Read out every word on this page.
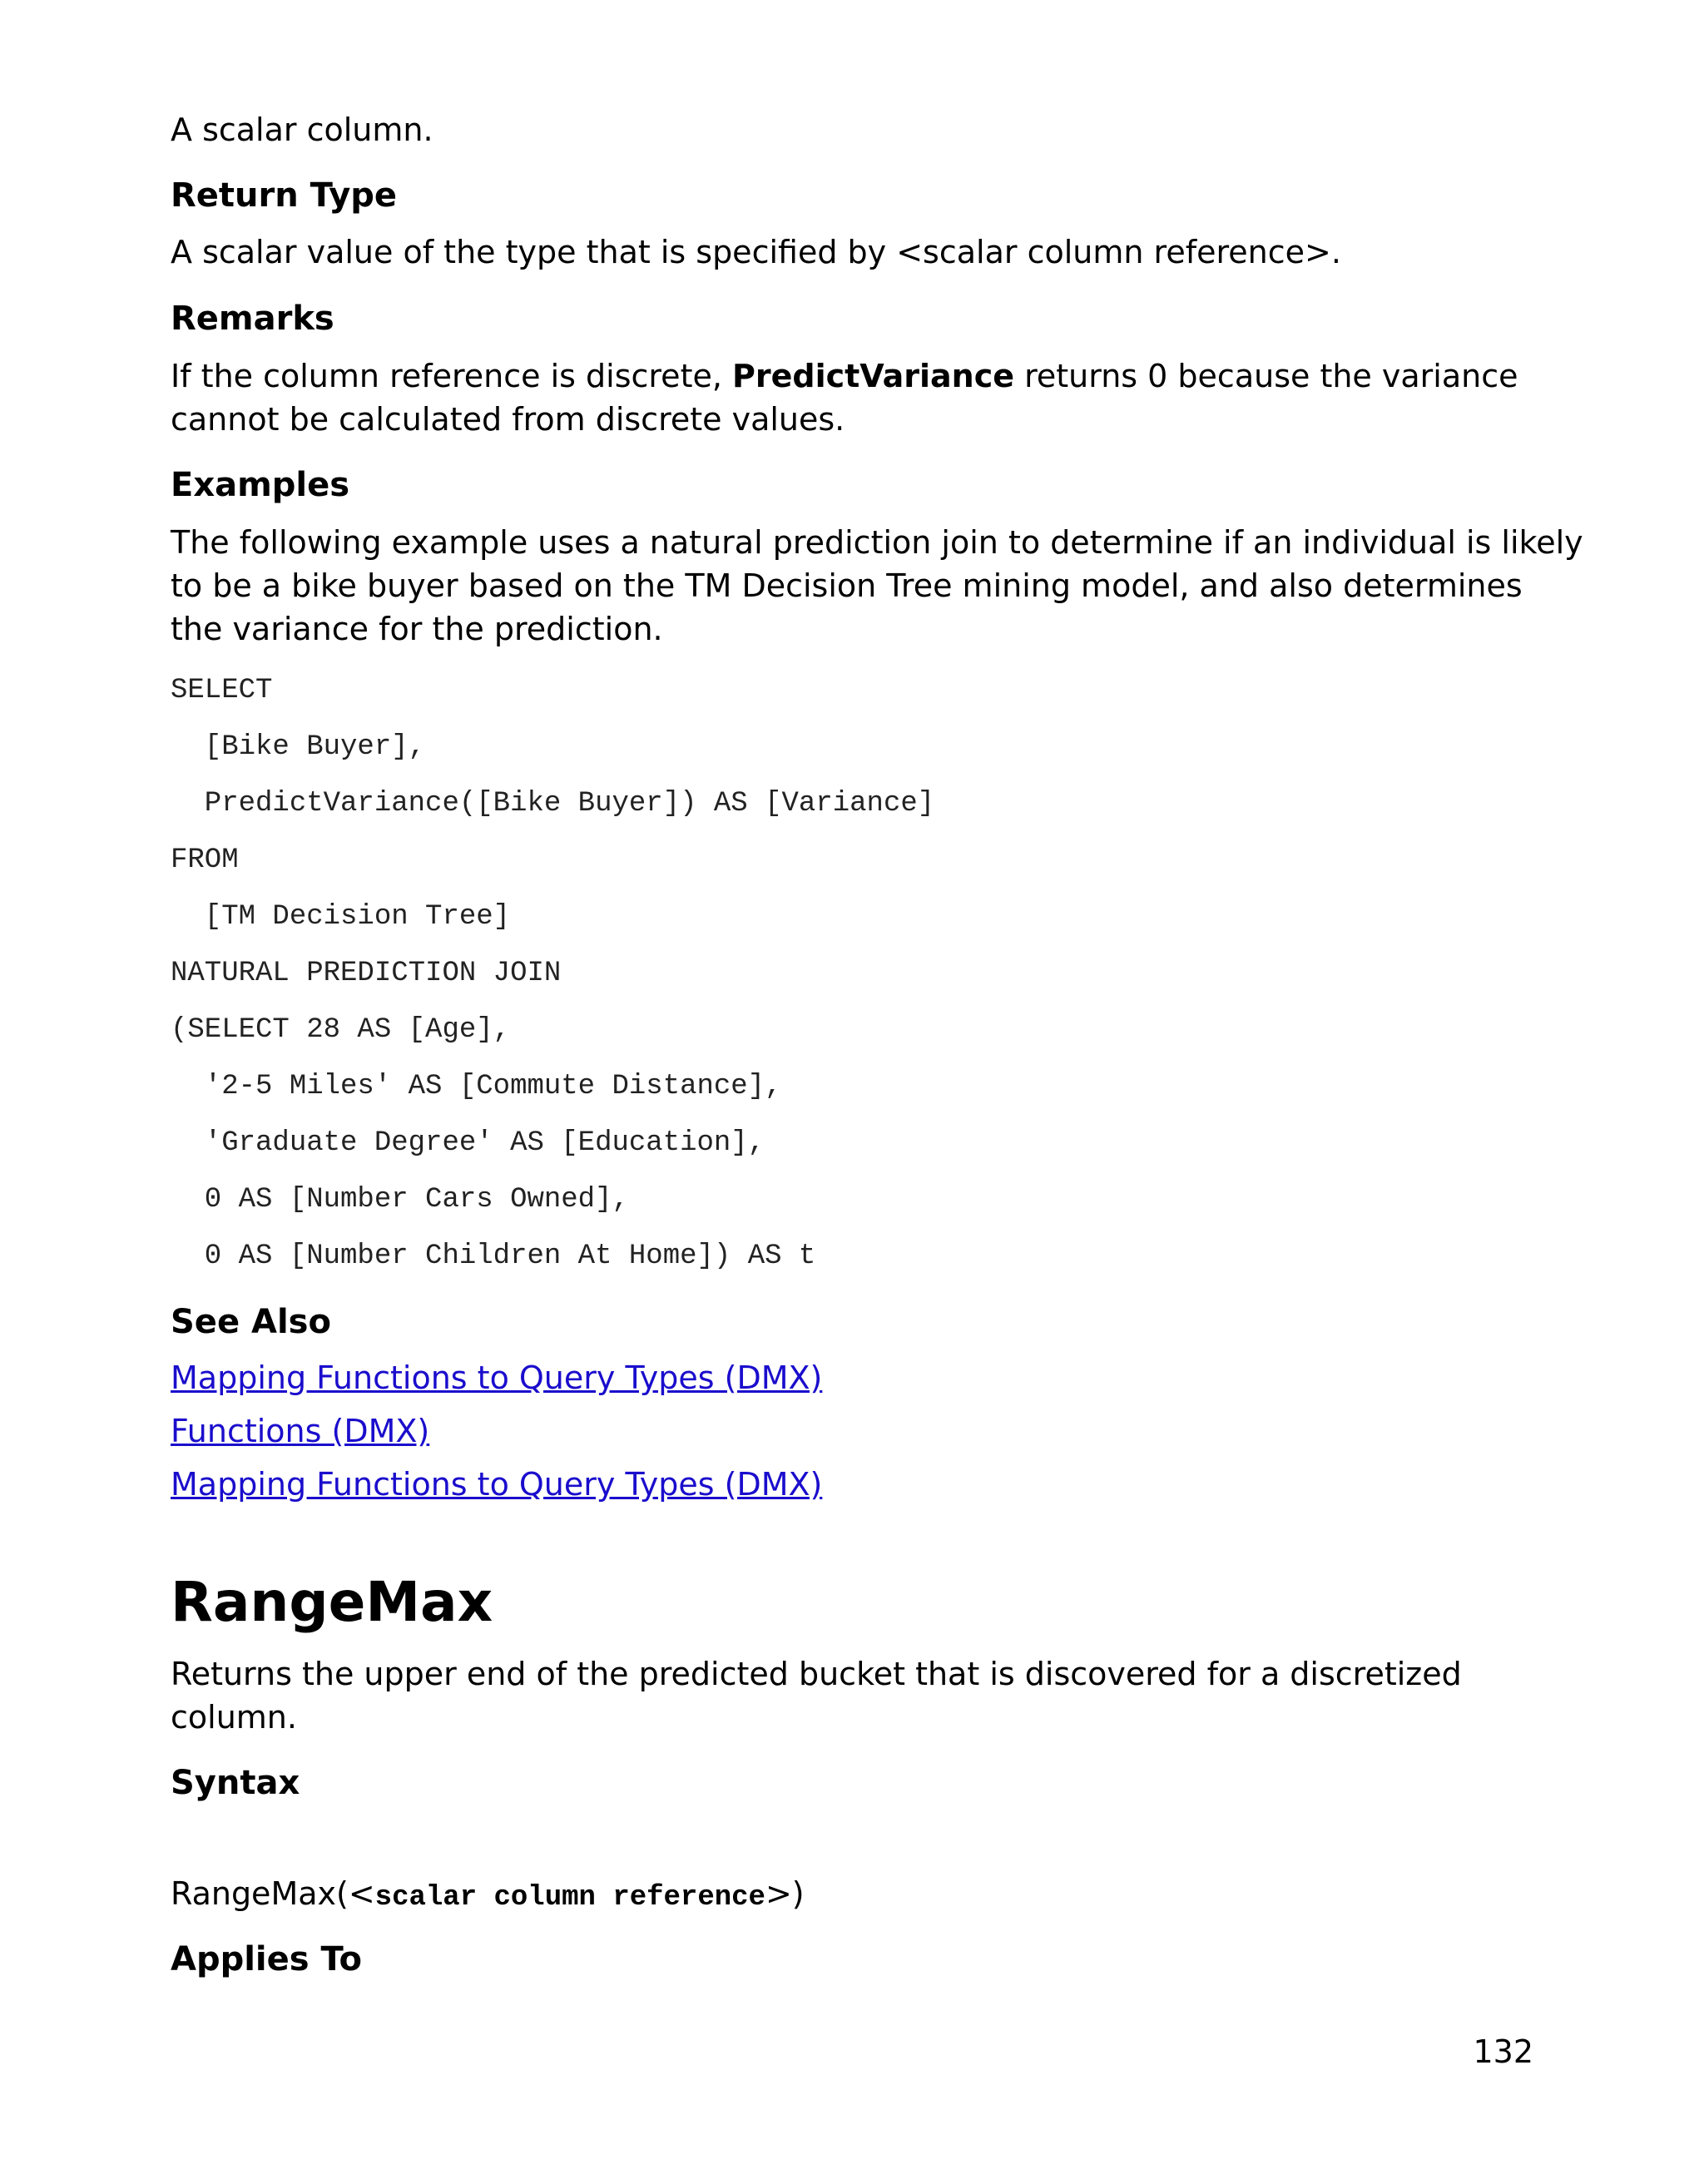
A scalar column.

Return Type

A scalar value of the type that is specified by <scalar column reference>.

Remarks

If the column reference is discrete, PredictVariance returns 0 because the variance

cannot be calculated from discrete values.

Examples

The following example uses a natural prediction join to determine if an individual is likely

to be a bike buyer based on the TM Decision Tree mining model, and also determines

the variance for the prediction.

SELECT
[Bike Buyer],
PredictVariance([Bike Buyer]) AS [Variance]
FROM
[TM Decision Tree]
NATURAL PREDICTION JOIN
(SELECT 28 AS [Age],
'2-5 Miles' AS [Commute Distance],
'Graduate Degree' AS [Education],
0 AS [Number Cars Owned],
0 AS [Number Children At Home]) AS t
See Also
Mapping Functions to Query Types (DMX)
Functions (DMX)
Mapping Functions to Query Types (DMX)
RangeMax

Returns the upper end of the predicted bucket that is discovered for a discretized

column.

Syntax

RangeMax(<scalar column reference>)

Applies To
132
